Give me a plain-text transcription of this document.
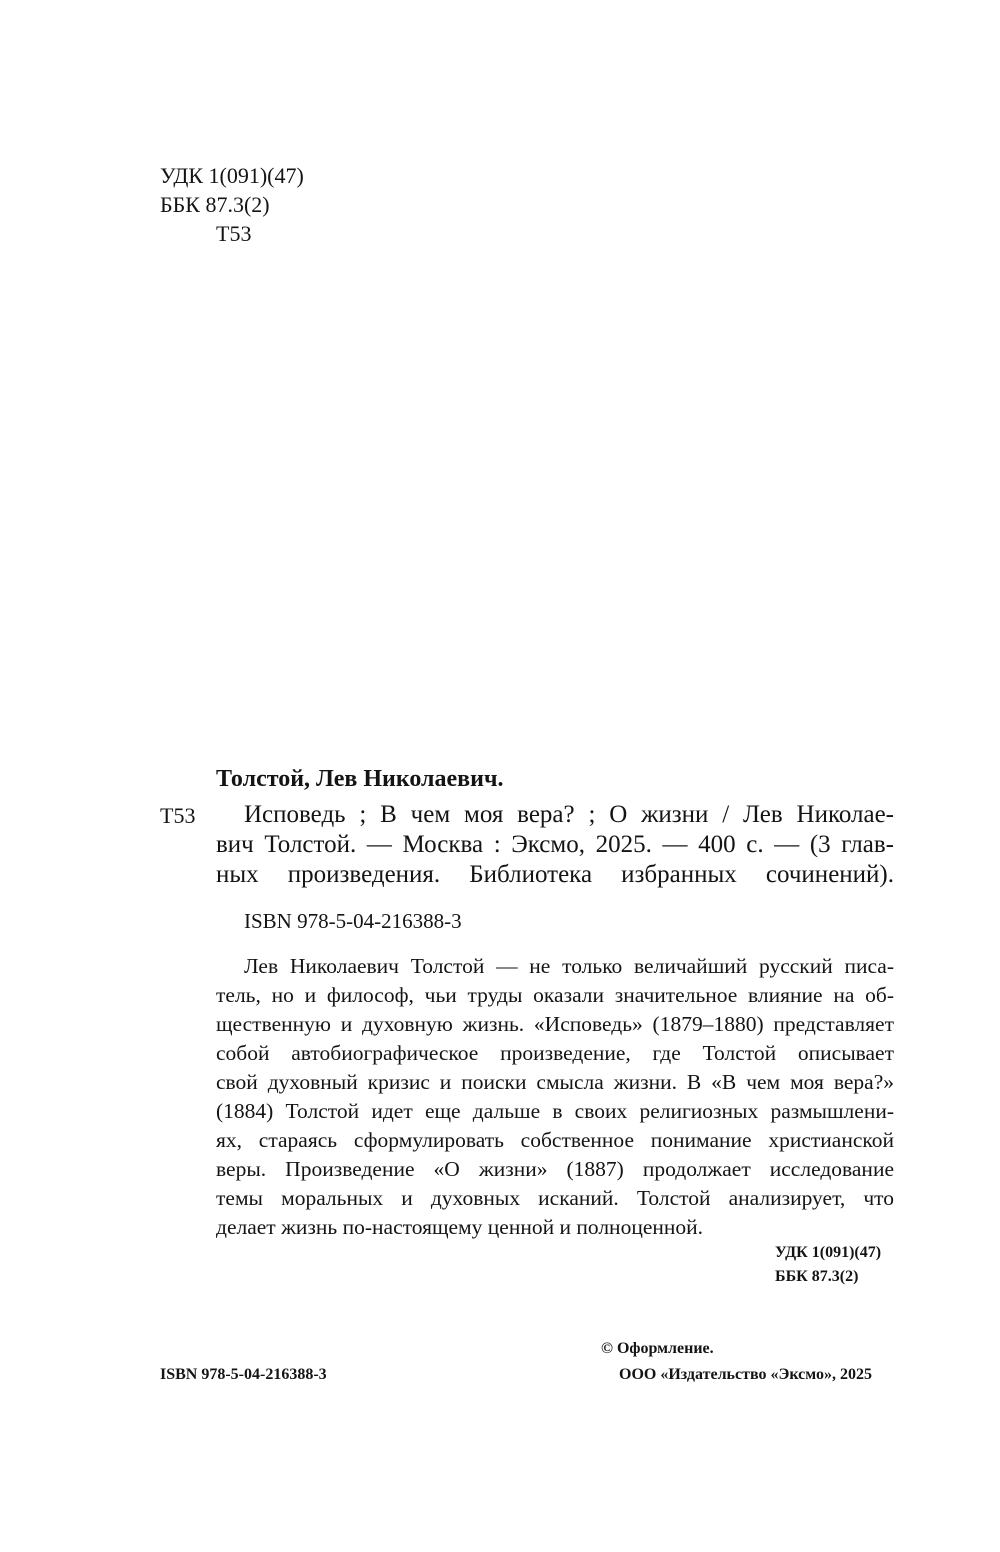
УДК 1(091)(47)
ББК 87.3(2)
Т53
Толстой, Лев Николаевич.
Т53 Исповедь ; В чем моя вера? ; О жизни / Лев Николае-
вич Толстой. — Москва : Эксмо, 2025. — 400 с. — (3 глав-
ных произведения. Библиотека избранных сочинений).
ISBN 978-5-04-216388-3
Лев Николаевич Толстой — не только величайший русский писа-
тель, но и философ, чьи труды оказали значительное влияние на об-
щественную и духовную жизнь. «Исповедь» (1879–1880) представляет
собой автобиографическое произведение, где Толстой описывает
свой духовный кризис и поиски смысла жизни. В «В чем моя вера?»
(1884) Толстой идет еще дальше в своих религиозных размышлени-
ях, стараясь сформулировать собственное понимание христианской
веры. Произведение «О жизни» (1887) продолжает исследование
темы моральных и духовных исканий. Толстой анализирует, что
делает жизнь по-настоящему ценной и полноценной.
УДК 1(091)(47)
ББК 87.3(2)
ISBN 978-5-04-216388-3
© Оформление.
ООО «Издательство «Эксмо», 2025
